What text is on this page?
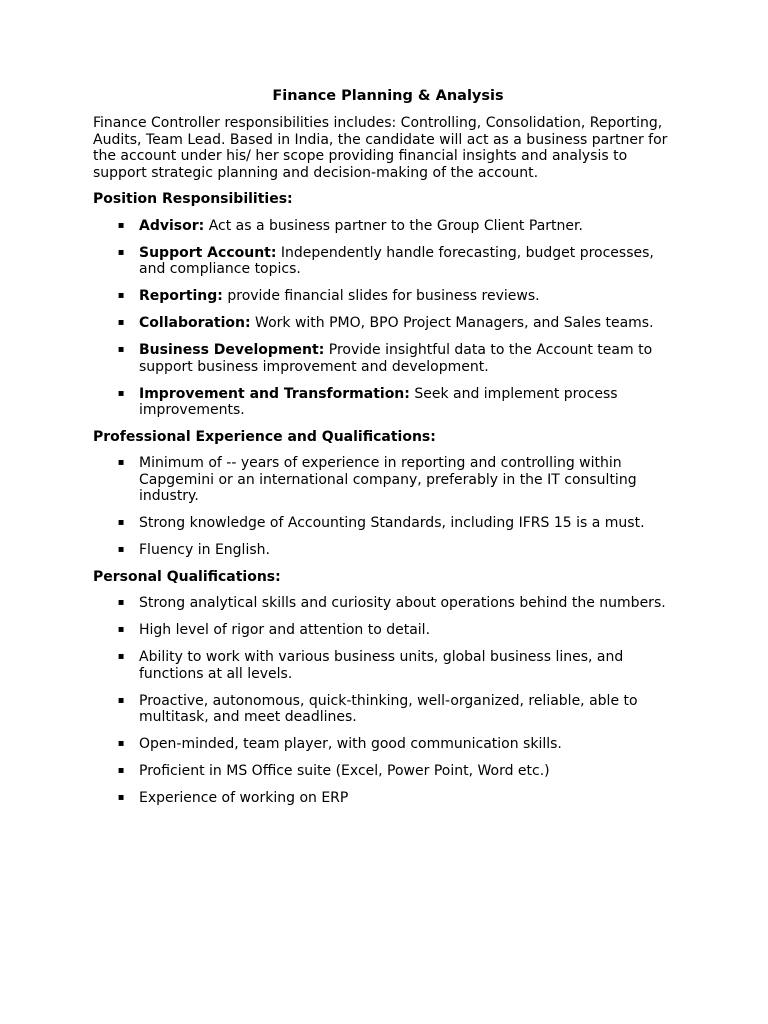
Finance Planning & Analysis
Finance Controller responsibilities includes: Controlling, Consolidation, Reporting, Audits, Team Lead. Based in India, the candidate will act as a business partner for the account under his/ her scope providing financial insights and analysis to support strategic planning and decision-making of the account.
Position Responsibilities:
▪ Advisor: Act as a business partner to the Group Client Partner.
▪ Support Account: Independently handle forecasting, budget processes, and compliance topics.
▪ Reporting: provide financial slides for business reviews.
▪ Collaboration: Work with PMO, BPO Project Managers, and Sales teams.
▪ Business Development: Provide insightful data to the Account team to support business improvement and development.
▪ Improvement and Transformation: Seek and implement process improvements.
Professional Experience and Qualifications:
▪ Minimum of -- years of experience in reporting and controlling within Capgemini or an international company, preferably in the IT consulting industry.
▪ Strong knowledge of Accounting Standards, including IFRS 15 is a must.
▪ Fluency in English.
Personal Qualifications:
▪ Strong analytical skills and curiosity about operations behind the numbers.
▪ High level of rigor and attention to detail.
▪ Ability to work with various business units, global business lines, and functions at all levels.
▪ Proactive, autonomous, quick-thinking, well-organized, reliable, able to multitask, and meet deadlines.
▪ Open-minded, team player, with good communication skills.
▪ Proficient in MS Office suite (Excel, Power Point, Word etc.)
▪ Experience of working on ERP
